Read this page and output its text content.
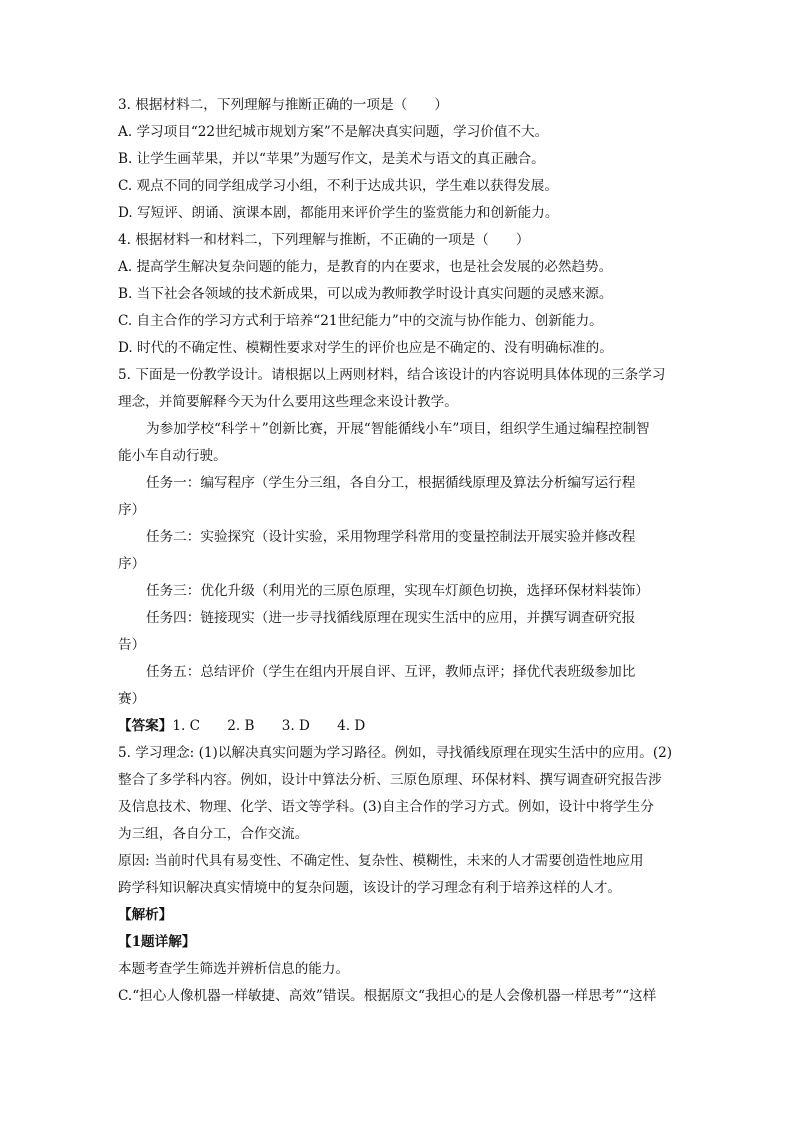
3. 根据材料二，下列理解与推断正确的一项是（　　）

A. 学习项目“22世纪城市规划方案”不是解决真实问题，学习价值不大。

B. 让学生画苹果，并以“苹果”为题写作文，是美术与语文的真正融合。

C. 观点不同的同学组成学习小组，不利于达成共识，学生难以获得发展。

D. 写短评、朗诵、演课本剧，都能用来评价学生的鉴赏能力和创新能力。

4. 根据材料一和材料二，下列理解与推断，不正确的一项是（　　）

A. 提高学生解决复杂问题的能力，是教育的内在要求，也是社会发展的必然趋势。

B. 当下社会各领域的技术新成果，可以成为教师教学时设计真实问题的灵感来源。

C. 自主合作的学习方式利于培养“21世纪能力”中的交流与协作能力、创新能力。

D. 时代的不确定性、模糊性要求对学生的评价也应是不确定的、没有明确标准的。

5. 下面是一份教学设计。请根据以上两则材料，结合该设计的内容说明具体体现的三条学习

理念，并简要解释今天为什么要用这些理念来设计教学。

为参加学校“科学＋”创新比赛，开展“智能循线小车”项目，组织学生通过编程控制智

能小车自动行驶。

任务一：编写程序（学生分三组，各自分工，根据循线原理及算法分析编写运行程

序）

任务二：实验探究（设计实验，采用物理学科常用的变量控制法开展实验并修改程

序）

任务三：优化升级（利用光的三原色原理，实现车灯颜色切换，选择环保材料装饰）

任务四：链接现实（进一步寻找循线原理在现实生活中的应用，并撰写调查研究报

告）

任务五：总结评价（学生在组内开展自评、互评，教师点评；择优代表班级参加比

赛）

【答案】1. C　　2. B　　3. D　　4. D

5. 学习理念: (1)以解决真实问题为学习路径。例如，寻找循线原理在现实生活中的应用。(2)

整合了多学科内容。例如，设计中算法分析、三原色原理、环保材料、撰写调查研究报告涉

及信息技术、物理、化学、语文等学科。(3)自主合作的学习方式。例如，设计中将学生分

为三组，各自分工，合作交流。

原因: 当前时代具有易变性、不确定性、复杂性、模糊性，未来的人才需要创造性地应用

跨学科知识解决真实情境中的复杂问题，该设计的学习理念有利于培养这样的人才。

【解析】

【1题详解】

本题考查学生筛选并辨析信息的能力。

C.“担心人像机器一样敏捷、高效”错误。根据原文“我担心的是人会像机器一样思考”“这样
